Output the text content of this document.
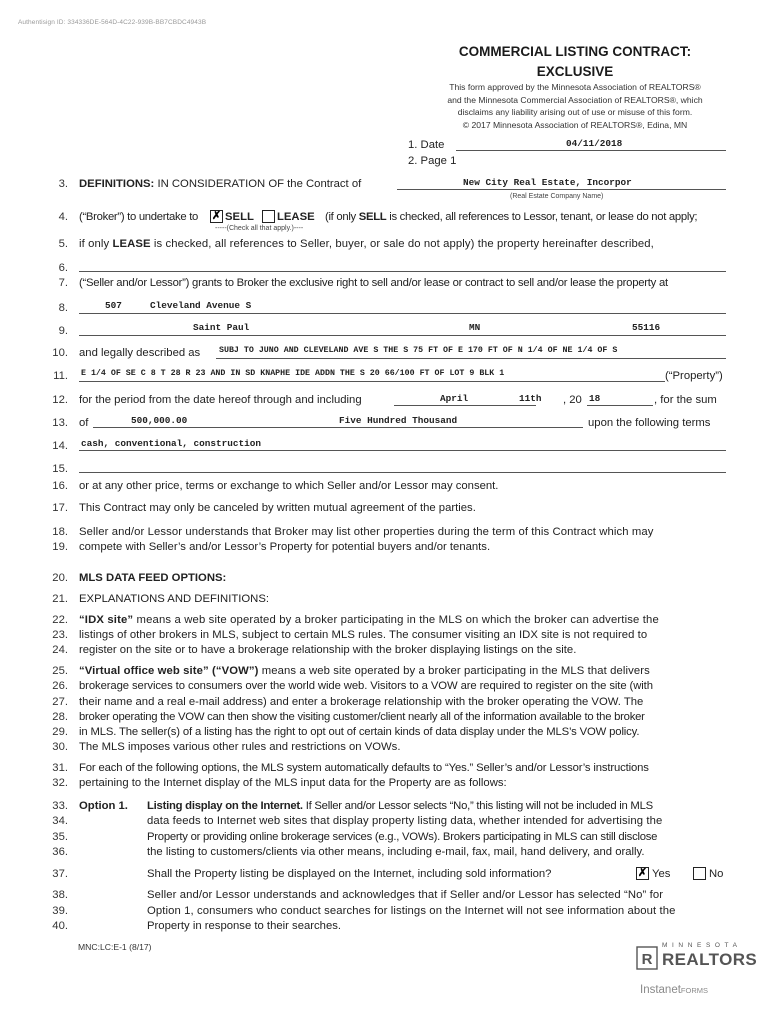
Authentisign ID: 334336DE-564D-4C22-939B-BB7CBDC4943B
COMMERCIAL LISTING CONTRACT:
EXCLUSIVE
This form approved by the Minnesota Association of REALTORS®
and the Minnesota Commercial Association of REALTORS®, which
disclaims any liability arising out of use or misuse of this form.
© 2017 Minnesota Association of REALTORS®, Edina, MN
1. Date	04/11/2018
2. Page 1
3. DEFINITIONS: IN CONSIDERATION OF the Contract of	New City Real Estate, Incorpor
(Real Estate Company Name)
4. (“Broker”) to undertake to ✗ SELL LEASE (if only SELL is checked, all references to Lessor, tenant, or lease do not apply;
-----(Check all that apply.)----
5. if only LEASE is checked, all references to Seller, buyer, or sale do not apply) the property hereinafter described,
6.
7. (“Seller and/or Lessor”) grants to Broker the exclusive right to sell and/or lease or contract to sell and/or lease the property at
8.	507     Cleveland Avenue S
9.	Saint Paul	MN	55116
10. and legally described as SUBJ TO JUNO AND CLEVELAND AVE S THE S 75 FT OF E 170 FT OF N 1/4 OF NE 1/4 OF S
11. E 1/4 OF SE C 8 T 28 R 23 AND IN SD KNAPHE IDE ADDN THE S 20 66/100 FT OF LOT 9 BLK 1	(“Property”)
12. for the period from the date hereof through and including	April	11th , 20 18	, for the sum
13. of	500,000.00	Five Hundred Thousand	upon the following terms
14. cash, conventional, construction
15.
16. or at any other price, terms or exchange to which Seller and/or Lessor may consent.
17. This Contract may only be canceled by written mutual agreement of the parties.
18. Seller and/or Lessor understands that Broker may list other properties during the term of this Contract which may
19. compete with Seller’s and/or Lessor’s Property for potential buyers and/or tenants.
20. MLS DATA FEED OPTIONS:
21. EXPLANATIONS AND DEFINITIONS:
22. “IDX site” means a web site operated by a broker participating in the MLS on which the broker can advertise the
23. listings of other brokers in MLS, subject to certain MLS rules. The consumer visiting an IDX site is not required to
24. register on the site or to have a brokerage relationship with the broker displaying listings on the site.
25. “Virtual office web site” (“VOW”) means a web site operated by a broker participating in the MLS that delivers
26. brokerage services to consumers over the world wide web. Visitors to a VOW are required to register on the site (with
27. their name and a real e-mail address) and enter a brokerage relationship with the broker operating the VOW. The
28. broker operating the VOW can then show the visiting customer/client nearly all of the information available to the broker
29. in MLS. The seller(s) of a listing has the right to opt out of certain kinds of data display under the MLS’s VOW policy.
30. The MLS imposes various other rules and restrictions on VOWs.
31. For each of the following options, the MLS system automatically defaults to “Yes.” Seller’s and/or Lessor’s instructions
32. pertaining to the Internet display of the MLS input data for the Property are as follows:
33. Option 1. Listing display on the Internet. If Seller and/or Lessor selects “No,” this listing will not be included in MLS
34.	data feeds to Internet web sites that display property listing data, whether intended for advertising the
35.	Property or providing online brokerage services (e.g., VOWs). Brokers participating in MLS can still disclose
36.	the listing to customers/clients via other means, including e-mail, fax, mail, hand delivery, and orally.
37.	Shall the Property listing be displayed on the Internet, including sold information?	✗ Yes	No
38.	Seller and/or Lessor understands and acknowledges that if Seller and/or Lessor has selected “No” for
39.	Option 1, consumers who conduct searches for listings on the Internet will not see information about the
40.	Property in response to their searches.
MNC:LC:E-1 (8/17)
R
MINNESOTA
REALTORS
InstanetFORMS
